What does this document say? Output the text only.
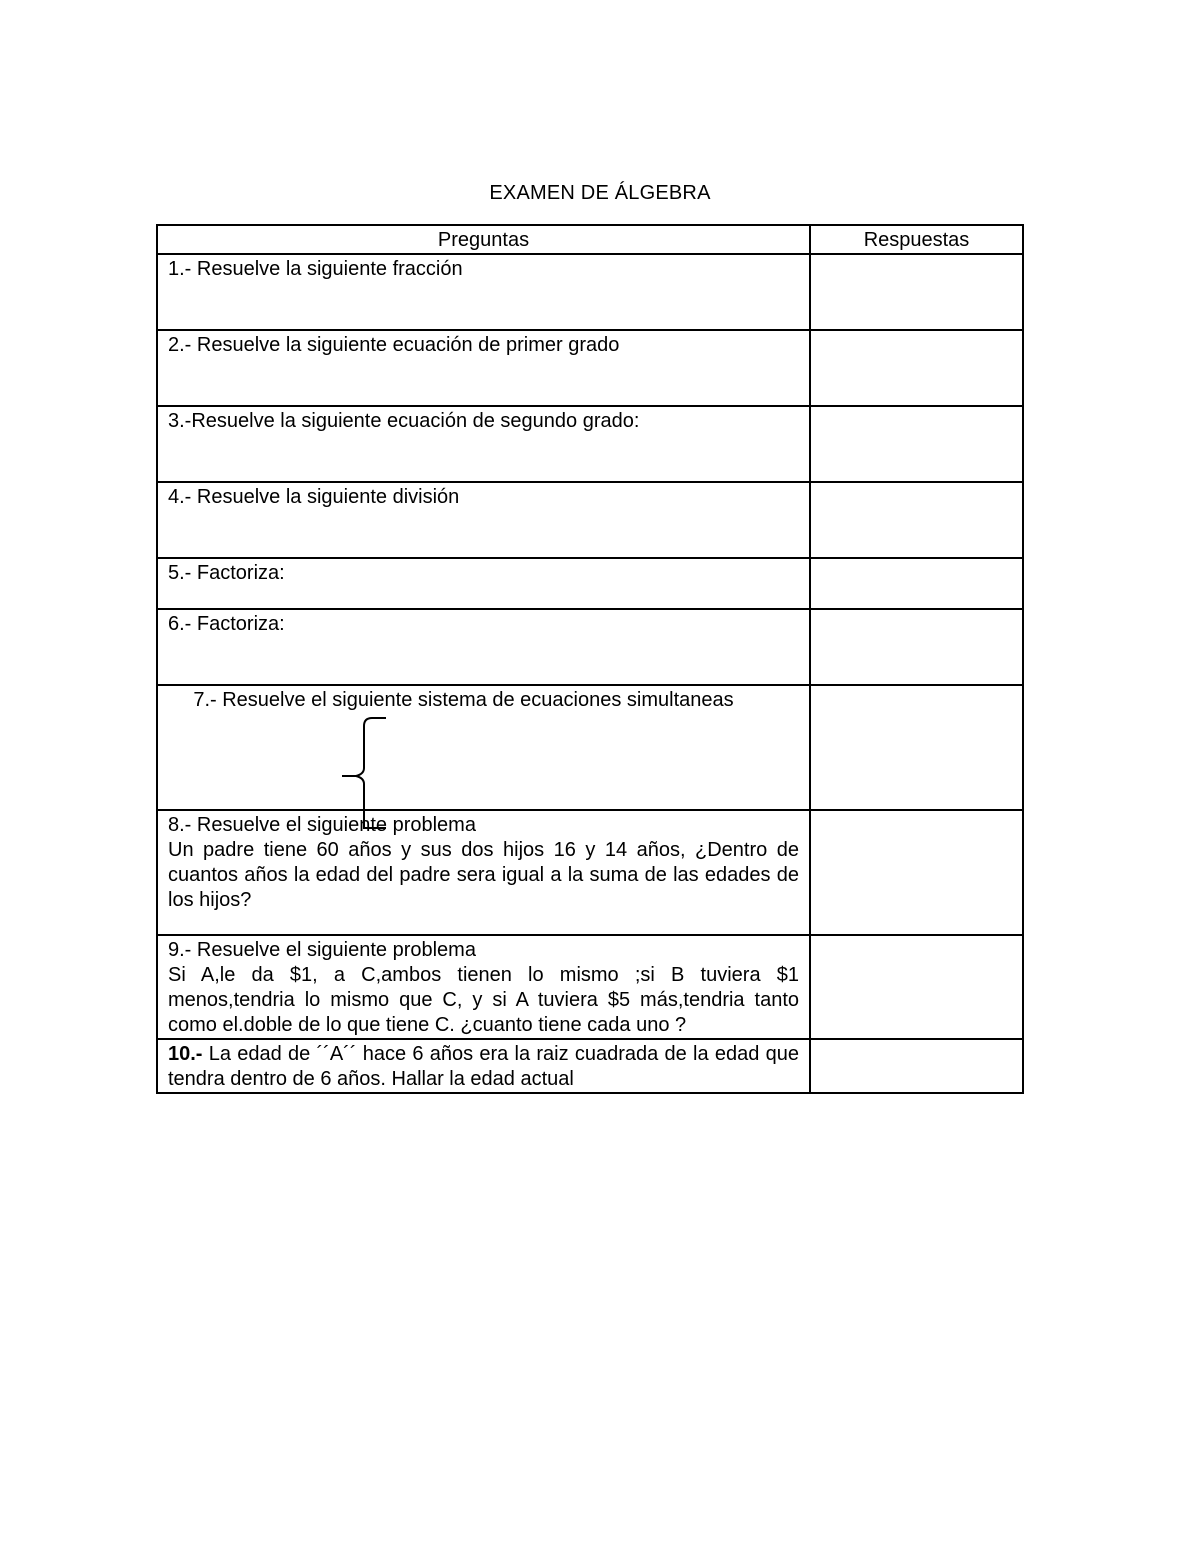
EXAMEN DE ÁLGEBRA
Preguntas	Respuestas
1.- Resuelve la siguiente fracción	
2.- Resuelve la siguiente ecuación de primer grado	
3.-Resuelve la siguiente ecuación de segundo grado:	
4.- Resuelve la siguiente división	
5.- Factoriza:	
6.- Factoriza:	

7.- Resuelve el siguiente sistema de ecuaciones simultaneas	

8.- Resuelve el siguiente problema
Un padre tiene 60 años y sus dos hijos 16 y 14 años, ¿Dentro de cuantos años la edad del padre sera igual a la suma de las edades de los hijos?	

9.- Resuelve el siguiente problema
Si A,le da $1, a C,ambos tienen lo mismo ;si B tuviera $1 menos,tendria lo mismo que C, y si A tuviera $5 más,tendria tanto como el.doble de lo que tiene C. ¿cuanto tiene cada uno ?	

10.- La edad de ´´A´´ hace 6 años era la raiz cuadrada de la edad que tendra dentro de 6 años. Hallar la edad actual	
